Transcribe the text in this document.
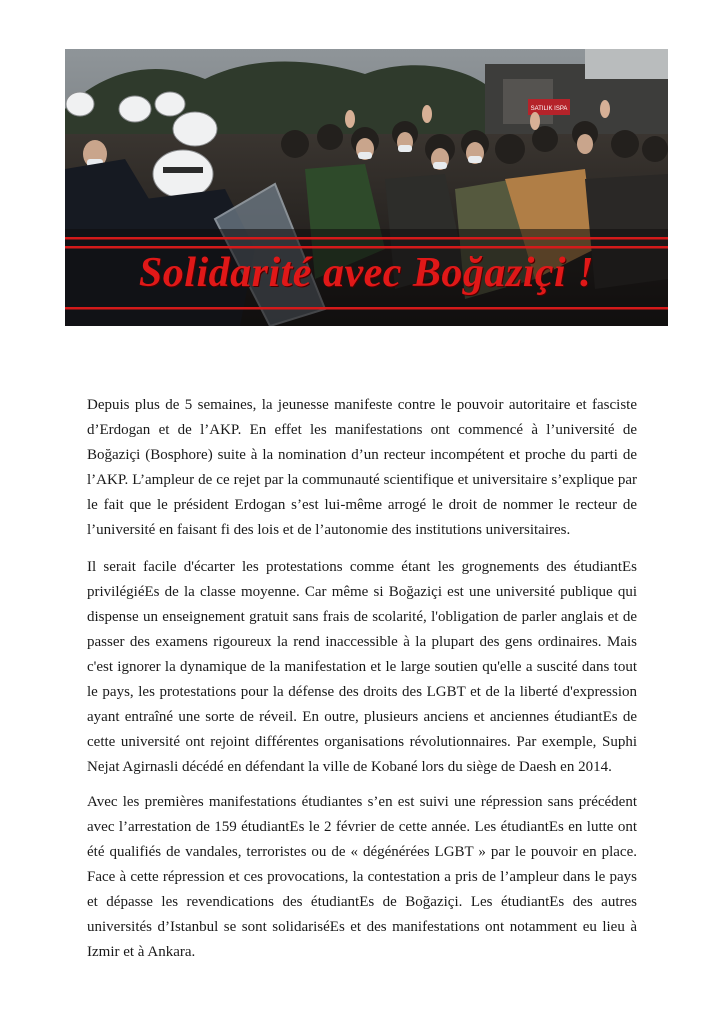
SATILIK ISPA
Solidarité avec Boğaziçi !

Depuis plus de 5 semaines, la jeunesse manifeste contre le pouvoir autoritaire et fasciste d’Erdogan et de l’AKP. En effet les manifestations ont commencé à l’université de Boğaziçi (Bosphore) suite à la nomination d’un recteur incompétent et proche du parti de l’AKP. L’ampleur de ce rejet par la communauté scientifique et universitaire s’explique par le fait que le président Erdogan s’est lui-même arrogé le droit de nommer le recteur de l’université en faisant fi des lois et de l’autonomie des institutions universitaires.

Il serait facile d'écarter les protestations comme étant les grognements des étudiantEs privilégiéEs de la classe moyenne. Car même si Boğaziçi est une université publique qui dispense un enseignement gratuit sans frais de scolarité, l'obligation de parler anglais et de passer des examens rigoureux la rend inaccessible à la plupart des gens ordinaires. Mais c'est ignorer la dynamique de la manifestation et le large soutien qu'elle a suscité dans tout le pays, les protestations pour la défense des droits des LGBT et de la liberté d'expression ayant entraîné une sorte de réveil. En outre, plusieurs anciens et anciennes étudiantEs de cette université ont rejoint différentes organisations révolutionnaires. Par exemple, Suphi Nejat Agirnasli décédé en défendant la ville de Kobané lors du siège de Daesh en 2014.

Avec les premières manifestations étudiantes s’en est suivi une répression sans précédent avec l’arrestation de 159 étudiantEs le 2 février de cette année. Les étudiantEs en lutte ont été qualifiés de vandales, terroristes ou de « dégénérées LGBT » par le pouvoir en place. Face à cette répression et ces provocations, la contestation a pris de l’ampleur dans le pays et dépasse les revendications des étudiantEs de Boğaziçi. Les étudiantEs des autres universités d’Istanbul se sont solidariséEs et des manifestations ont notamment eu lieu à Izmir et à Ankara.
